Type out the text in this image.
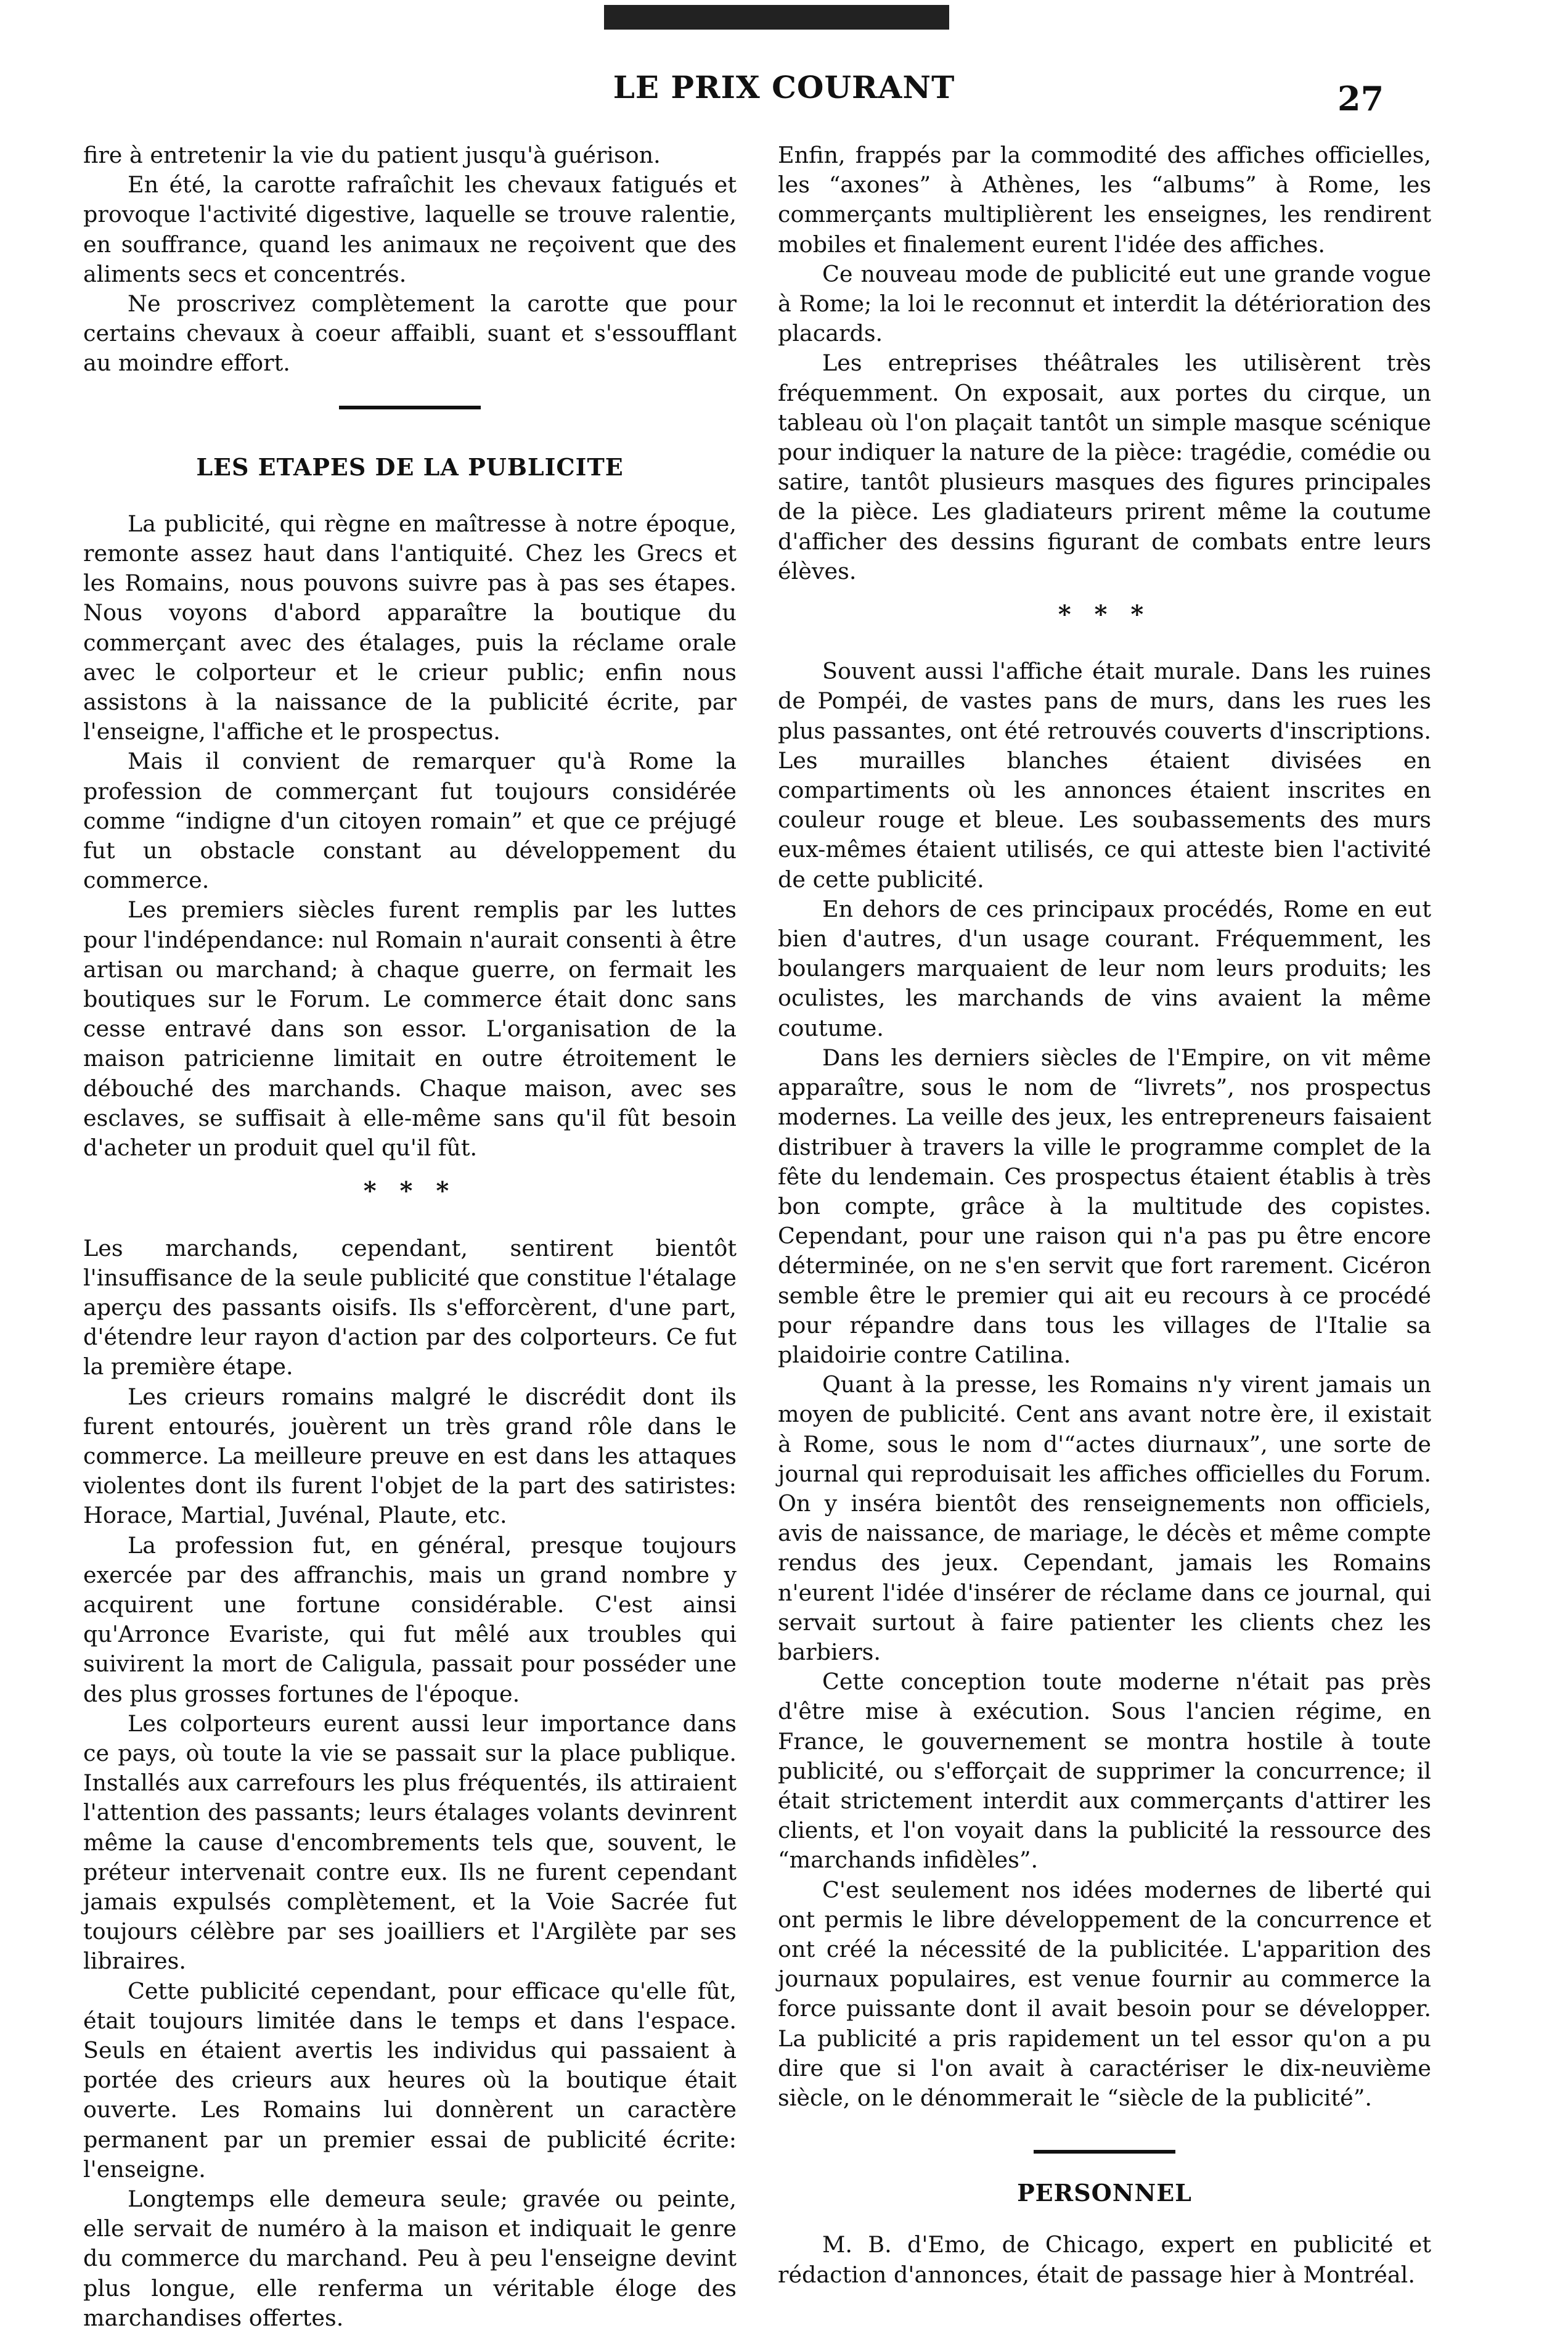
LE PRIX COURANT	27

fire à entretenir la vie du patient jusqu'à guérison.

En été, la carotte rafraîchit les chevaux fatigués et provoque l'activité digestive, laquelle se trouve ralentie, en souffrance, quand les animaux ne reçoivent que des aliments secs et concentrés.

Ne proscrivez complètement la carotte que pour certains chevaux à coeur affaibli, suant et s'essoufflant au moindre effort.

LES ETAPES DE LA PUBLICITE

La publicité, qui règne en maîtresse à notre époque, remonte assez haut dans l'antiquité. Chez les Grecs et les Romains, nous pouvons suivre pas à pas ses étapes. Nous voyons d'abord apparaître la boutique du commerçant avec des étalages, puis la réclame orale avec le colporteur et le crieur public; enfin nous assistons à la naissance de la publicité écrite, par l'enseigne, l'affiche et le prospectus.

Mais il convient de remarquer qu'à Rome la profession de commerçant fut toujours considérée comme “indigne d'un citoyen romain” et que ce préjugé fut un obstacle constant au développement du commerce.

Les premiers siècles furent remplis par les luttes pour l'indépendance: nul Romain n'aurait consenti à être artisan ou marchand; à chaque guerre, on fermait les boutiques sur le Forum. Le commerce était donc sans cesse entravé dans son essor. L'organisation de la maison patricienne limitait en outre étroitement le débouché des marchands. Chaque maison, avec ses esclaves, se suffisait à elle-même sans qu'il fût besoin d'acheter un produit quel qu'il fût.

* * *

Les marchands, cependant, sentirent bientôt l'insuffisance de la seule publicité que constitue l'étalage aperçu des passants oisifs. Ils s'efforcèrent, d'une part, d'étendre leur rayon d'action par des colporteurs. Ce fut la première étape.

Les crieurs romains malgré le discrédit dont ils furent entourés, jouèrent un très grand rôle dans le commerce. La meilleure preuve en est dans les attaques violentes dont ils furent l'objet de la part des satiristes: Horace, Martial, Juvénal, Plaute, etc.

La profession fut, en général, presque toujours exercée par des affranchis, mais un grand nombre y acquirent une fortune considérable. C'est ainsi qu'Arronce Evariste, qui fut mêlé aux troubles qui suivirent la mort de Caligula, passait pour posséder une des plus grosses fortunes de l'époque.

Les colporteurs eurent aussi leur importance dans ce pays, où toute la vie se passait sur la place publique. Installés aux carrefours les plus fréquentés, ils attiraient l'attention des passants; leurs étalages volants devinrent même la cause d'encombrements tels que, souvent, le préteur intervenait contre eux. Ils ne furent cependant jamais expulsés complètement, et la Voie Sacrée fut toujours célèbre par ses joailliers et l'Argilète par ses libraires.

Cette publicité cependant, pour efficace qu'elle fût, était toujours limitée dans le temps et dans l'espace. Seuls en étaient avertis les individus qui passaient à portée des crieurs aux heures où la boutique était ouverte. Les Romains lui donnèrent un caractère permanent par un premier essai de publicité écrite: l'enseigne.

Longtemps elle demeura seule; gravée ou peinte, elle servait de numéro à la maison et indiquait le genre du commerce du marchand. Peu à peu l'enseigne devint plus longue, elle renferma un véritable éloge des marchandises offertes.

Enfin, frappés par la commodité des affiches officielles, les “axones” à Athènes, les “albums” à Rome, les commerçants multiplièrent les enseignes, les rendirent mobiles et finalement eurent l'idée des affiches.

Ce nouveau mode de publicité eut une grande vogue à Rome; la loi le reconnut et interdit la détérioration des placards.

Les entreprises théâtrales les utilisèrent très fréquemment. On exposait, aux portes du cirque, un tableau où l'on plaçait tantôt un simple masque scénique pour indiquer la nature de la pièce: tragédie, comédie ou satire, tantôt plusieurs masques des figures principales de la pièce. Les gladiateurs prirent même la coutume d'afficher des dessins figurant de combats entre leurs élèves.

* * *

Souvent aussi l'affiche était murale. Dans les ruines de Pompéi, de vastes pans de murs, dans les rues les plus passantes, ont été retrouvés couverts d'inscriptions. Les murailles blanches étaient divisées en compartiments où les annonces étaient inscrites en couleur rouge et bleue. Les soubassements des murs eux-mêmes étaient utilisés, ce qui atteste bien l'activité de cette publicité.

En dehors de ces principaux procédés, Rome en eut bien d'autres, d'un usage courant. Fréquemment, les boulangers marquaient de leur nom leurs produits; les oculistes, les marchands de vins avaient la même coutume.

Dans les derniers siècles de l'Empire, on vit même apparaître, sous le nom de “livrets”, nos prospectus modernes. La veille des jeux, les entrepreneurs faisaient distribuer à travers la ville le programme complet de la fête du lendemain. Ces prospectus étaient établis à très bon compte, grâce à la multitude des copistes. Cependant, pour une raison qui n'a pas pu être encore déterminée, on ne s'en servit que fort rarement. Cicéron semble être le premier qui ait eu recours à ce procédé pour répandre dans tous les villages de l'Italie sa plaidoirie contre Catilina.

Quant à la presse, les Romains n'y virent jamais un moyen de publicité. Cent ans avant notre ère, il existait à Rome, sous le nom d'“actes diurnaux”, une sorte de journal qui reproduisait les affiches officielles du Forum. On y inséra bientôt des renseignements non officiels, avis de naissance, de mariage, le décès et même compte rendus des jeux. Cependant, jamais les Romains n'eurent l'idée d'insérer de réclame dans ce journal, qui servait surtout à faire patienter les clients chez les barbiers.

Cette conception toute moderne n'était pas près d'être mise à exécution. Sous l'ancien régime, en France, le gouvernement se montra hostile à toute publicité, ou s'efforçait de supprimer la concurrence; il était strictement interdit aux commerçants d'attirer les clients, et l'on voyait dans la publicité la ressource des “marchands infidèles”.

C'est seulement nos idées modernes de liberté qui ont permis le libre développement de la concurrence et ont créé la nécessité de la publicitée. L'apparition des journaux populaires, est venue fournir au commerce la force puissante dont il avait besoin pour se développer. La publicité a pris rapidement un tel essor qu'on a pu dire que si l'on avait à caractériser le dix-neuvième siècle, on le dénommerait le “siècle de la publicité”.

PERSONNEL

M. B. d'Emo, de Chicago, expert en publicité et rédaction d'annonces, était de passage hier à Montréal.
